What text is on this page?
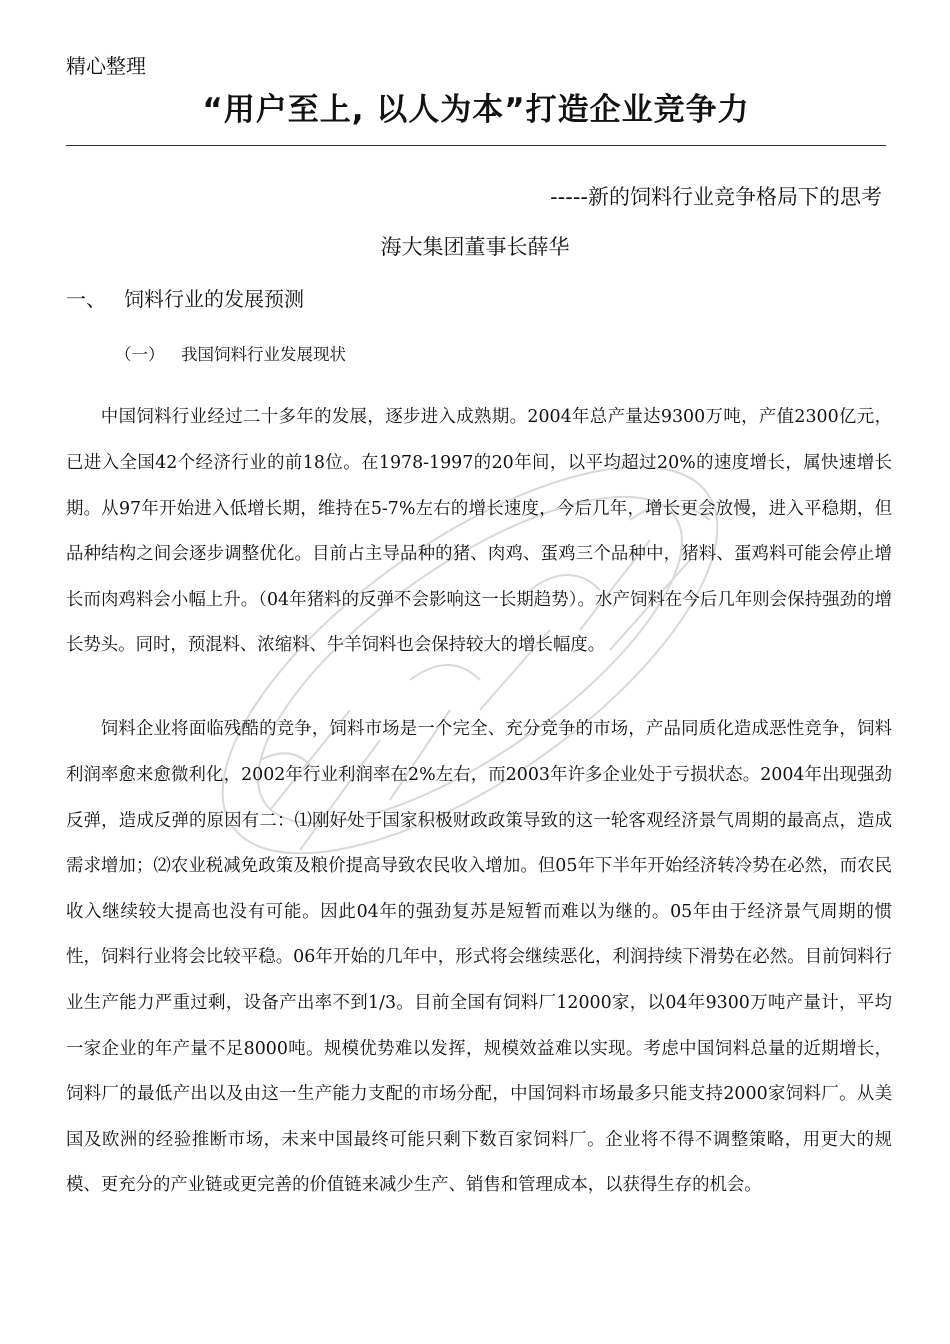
精心整理
“用户至上, 以人为本”打造企业竞争力
-----新的饲料行业竞争格局下的思考
海大集团董事长薛华
一、 饲料行业的发展预测
（一） 我国饲料行业发展现状

中国饲料行业经过二十多年的发展，逐步进入成熟期。2004年总产量达9300万吨，产值2300亿元，已进入全国42个经济行业的前18位。在1978-1997的20年间，以平均超过20%的速度增长，属快速增长期。从97年开始进入低增长期，维持在5-7%左右的增长速度，今后几年，增长更会放慢，进入平稳期，但品种结构之间会逐步调整优化。目前占主导品种的猪、肉鸡、蛋鸡三个品种中，猪料、蛋鸡料可能会停止增长而肉鸡料会小幅上升。（04年猪料的反弹不会影响这一长期趋势）。水产饲料在今后几年则会保持强劲的增长势头。同时，预混料、浓缩料、牛羊饲料也会保持较大的增长幅度。

饲料企业将面临残酷的竞争，饲料市场是一个完全、充分竞争的市场，产品同质化造成恶性竞争，饲料利润率愈来愈微利化，2002年行业利润率在2%左右，而2003年许多企业处于亏损状态。2004年出现强劲反弹，造成反弹的原因有二：⑴刚好处于国家积极财政政策导致的这一轮客观经济景气周期的最高点，造成需求增加；⑵农业税减免政策及粮价提高导致农民收入增加。但05年下半年开始经济转冷势在必然，而农民收入继续较大提高也没有可能。因此04年的强劲复苏是短暂而难以为继的。05年由于经济景气周期的惯性，饲料行业将会比较平稳。06年开始的几年中，形式将会继续恶化，利润持续下滑势在必然。目前饲料行业生产能力严重过剩，设备产出率不到1/3。目前全国有饲料厂12000家，以04年9300万吨产量计，平均一家企业的年产量不足8000吨。规模优势难以发挥，规模效益难以实现。考虑中国饲料总量的近期增长，饲料厂的最低产出以及由这一生产能力支配的市场分配，中国饲料市场最多只能支持2000家饲料厂。从美国及欧洲的经验推断市场，未来中国最终可能只剩下数百家饲料厂。企业将不得不调整策略，用更大的规模、更充分的产业链或更完善的价值链来减少生产、销售和管理成本，以获得生存的机会。
